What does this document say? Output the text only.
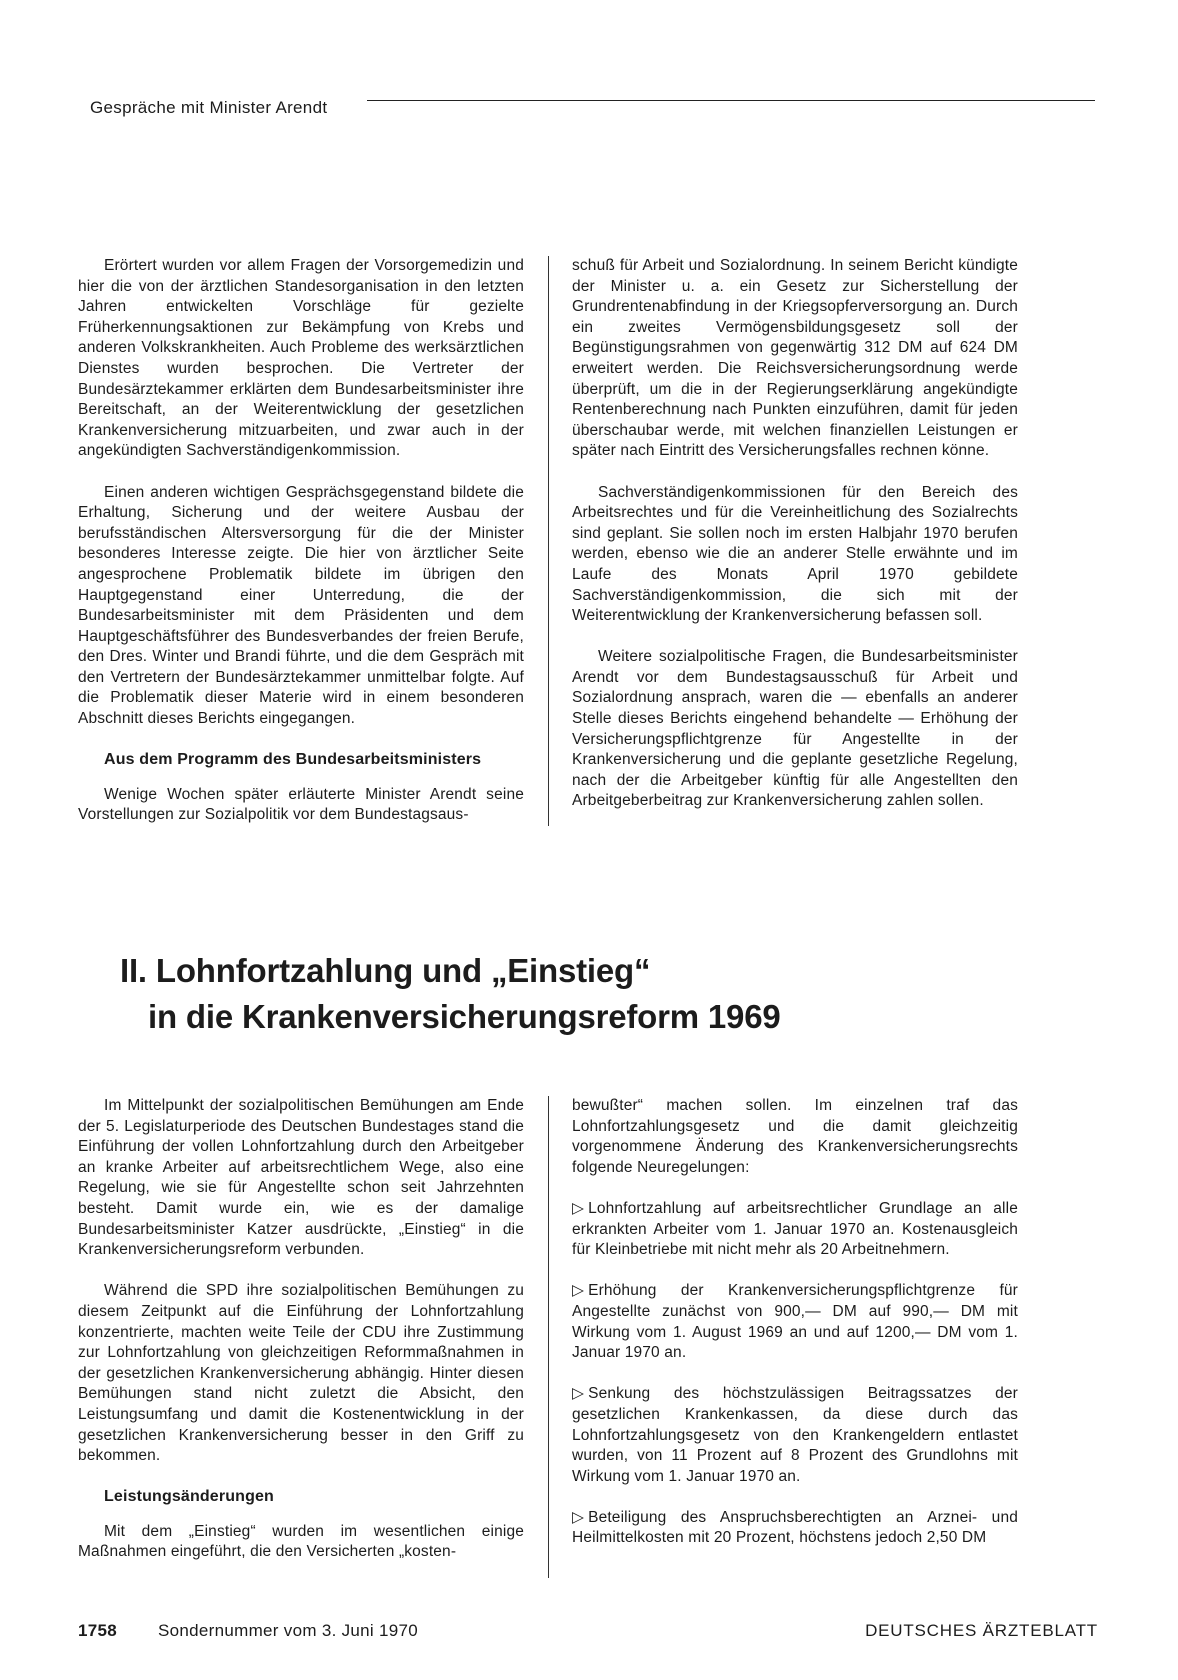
Gespräche mit Minister Arendt

Erörtert wurden vor allem Fragen der Vorsorgemedizin und hier die von der ärztlichen Standesorganisation in den letzten Jahren entwickelten Vorschläge für gezielte Früherkennungsaktionen zur Bekämpfung von Krebs und anderen Volkskrankheiten. Auch Probleme des werksärztlichen Dienstes wurden besprochen. Die Vertreter der Bundesärztekammer erklärten dem Bundesarbeitsminister ihre Bereitschaft, an der Weiterentwicklung der gesetzlichen Krankenversicherung mitzuarbeiten, und zwar auch in der angekündigten Sachverständigenkommission.

Einen anderen wichtigen Gesprächsgegenstand bildete die Erhaltung, Sicherung und der weitere Ausbau der berufsständischen Altersversorgung für die der Minister besonderes Interesse zeigte. Die hier von ärztlicher Seite angesprochene Problematik bildete im übrigen den Hauptgegenstand einer Unterredung, die der Bundesarbeitsminister mit dem Präsidenten und dem Hauptgeschäftsführer des Bundesverbandes der freien Berufe, den Dres. Winter und Brandi führte, und die dem Gespräch mit den Vertretern der Bundesärztekammer unmittelbar folgte. Auf die Problematik dieser Materie wird in einem besonderen Abschnitt dieses Berichts eingegangen.

Aus dem Programm des Bundesarbeitsministers

Wenige Wochen später erläuterte Minister Arendt seine Vorstellungen zur Sozialpolitik vor dem Bundestagsaus-

schuß für Arbeit und Sozialordnung. In seinem Bericht kündigte der Minister u. a. ein Gesetz zur Sicherstellung der Grundrentenabfindung in der Kriegsopferversorgung an. Durch ein zweites Vermögensbildungsgesetz soll der Begünstigungsrahmen von gegenwärtig 312 DM auf 624 DM erweitert werden. Die Reichsversicherungsordnung werde überprüft, um die in der Regierungserklärung angekündigte Rentenberechnung nach Punkten einzuführen, damit für jeden überschaubar werde, mit welchen finanziellen Leistungen er später nach Eintritt des Versicherungsfalles rechnen könne.

Sachverständigenkommissionen für den Bereich des Arbeitsrechtes und für die Vereinheitlichung des Sozialrechts sind geplant. Sie sollen noch im ersten Halbjahr 1970 berufen werden, ebenso wie die an anderer Stelle erwähnte und im Laufe des Monats April 1970 gebildete Sachverständigenkommission, die sich mit der Weiterentwicklung der Krankenversicherung befassen soll.

Weitere sozialpolitische Fragen, die Bundesarbeitsminister Arendt vor dem Bundestagsausschuß für Arbeit und Sozialordnung ansprach, waren die — ebenfalls an anderer Stelle dieses Berichts eingehend behandelte — Erhöhung der Versicherungspflichtgrenze für Angestellte in der Krankenversicherung und die geplante gesetzliche Regelung, nach der die Arbeitgeber künftig für alle Angestellten den Arbeitgeberbeitrag zur Krankenversicherung zahlen sollen.

II. Lohnfortzahlung und „Einstieg“
in die Krankenversicherungsreform 1969

Im Mittelpunkt der sozialpolitischen Bemühungen am Ende der 5. Legislaturperiode des Deutschen Bundestages stand die Einführung der vollen Lohnfortzahlung durch den Arbeitgeber an kranke Arbeiter auf arbeitsrechtlichem Wege, also eine Regelung, wie sie für Angestellte schon seit Jahrzehnten besteht. Damit wurde ein, wie es der damalige Bundesarbeitsminister Katzer ausdrückte, „Einstieg“ in die Krankenversicherungsreform verbunden.

Während die SPD ihre sozialpolitischen Bemühungen zu diesem Zeitpunkt auf die Einführung der Lohnfortzahlung konzentrierte, machten weite Teile der CDU ihre Zustimmung zur Lohnfortzahlung von gleichzeitigen Reformmaßnahmen in der gesetzlichen Krankenversicherung abhängig. Hinter diesen Bemühungen stand nicht zuletzt die Absicht, den Leistungsumfang und damit die Kostenentwicklung in der gesetzlichen Krankenversicherung besser in den Griff zu bekommen.

Leistungsänderungen

Mit dem „Einstieg“ wurden im wesentlichen einige Maßnahmen eingeführt, die den Versicherten „kosten-

bewußter“ machen sollen. Im einzelnen traf das Lohnfortzahlungsgesetz und die damit gleichzeitig vorgenommene Änderung des Krankenversicherungsrechts folgende Neuregelungen:

▷ Lohnfortzahlung auf arbeitsrechtlicher Grundlage an alle erkrankten Arbeiter vom 1. Januar 1970 an. Kostenausgleich für Kleinbetriebe mit nicht mehr als 20 Arbeitnehmern.

▷ Erhöhung der Krankenversicherungspflichtgrenze für Angestellte zunächst von 900,— DM auf 990,— DM mit Wirkung vom 1. August 1969 an und auf 1200,— DM vom 1. Januar 1970 an.

▷ Senkung des höchstzulässigen Beitragssatzes der gesetzlichen Krankenkassen, da diese durch das Lohnfortzahlungsgesetz von den Krankengeldern entlastet wurden, von 11 Prozent auf 8 Prozent des Grundlohns mit Wirkung vom 1. Januar 1970 an.

▷ Beteiligung des Anspruchsberechtigten an Arznei- und Heilmittelkosten mit 20 Prozent, höchstens jedoch 2,50 DM

1758 Sondernummer vom 3. Juni 1970	DEUTSCHES ÄRZTEBLATT
